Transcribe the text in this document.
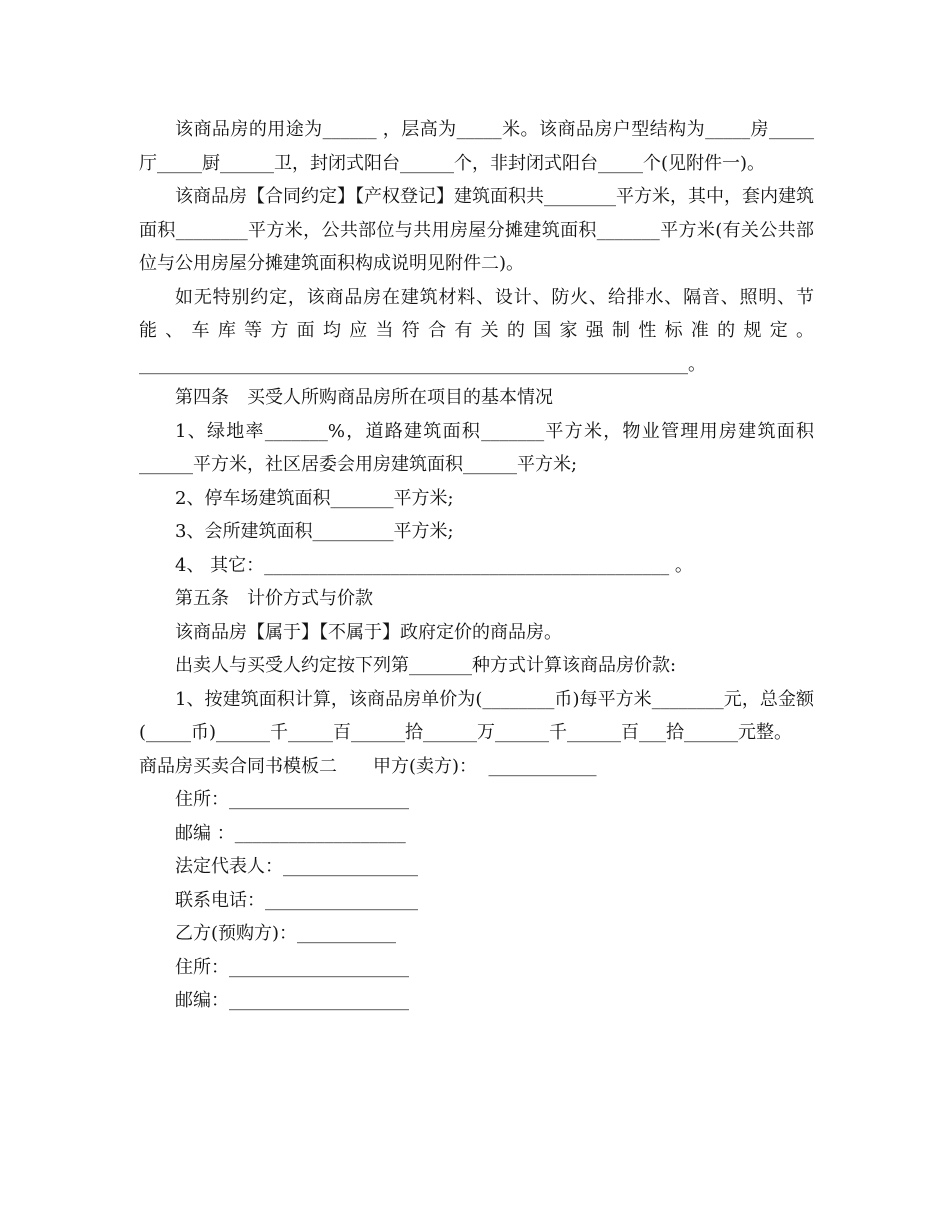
该商品房的用途为______ ，层高为_____米。该商品房户型结构为_____房_____厅_____厨______卫，封闭式阳台______个，非封闭式阳台_____个(见附件一)。

该商品房【合同约定】【产权登记】建筑面积共________平方米，其中，套内建筑面积________平方米，公共部位与共用房屋分摊建筑面积_______平方米(有关公共部位与公用房屋分摊建筑面积构成说明见附件二)。

如无特别约定，该商品房在建筑材料、设计、防火、给排水、隔音、照明、节能、车库等方面均应当符合有关的国家强制性标准的规定。_____________________________________________________________。

第四条　买受人所购商品房所在项目的基本情况

1、绿地率_______%，道路建筑面积_______平方米，物业管理用房建筑面积______平方米，社区居委会用房建筑面积______平方米;

2、停车场建筑面积_______平方米;

3、会所建筑面积_________平方米;

4、 其它：_____________________________________________ 。

第五条　计价方式与价款

该商品房【属于】【不属于】政府定价的商品房。

出卖人与买受人约定按下列第_______种方式计算该商品房价款:

1、按建筑面积计算，该商品房单价为(________币)每平方米________元，总金额(_____币)______千_____百______拾______万______千______百___拾______元整。

商品房买卖合同书模板二　　甲方(卖方)：  ____________

住所：____________________

邮编 ：___________________

法定代表人：_______________

联系电话：_________________

乙方(预购方)：___________

住所：____________________

邮编：____________________
